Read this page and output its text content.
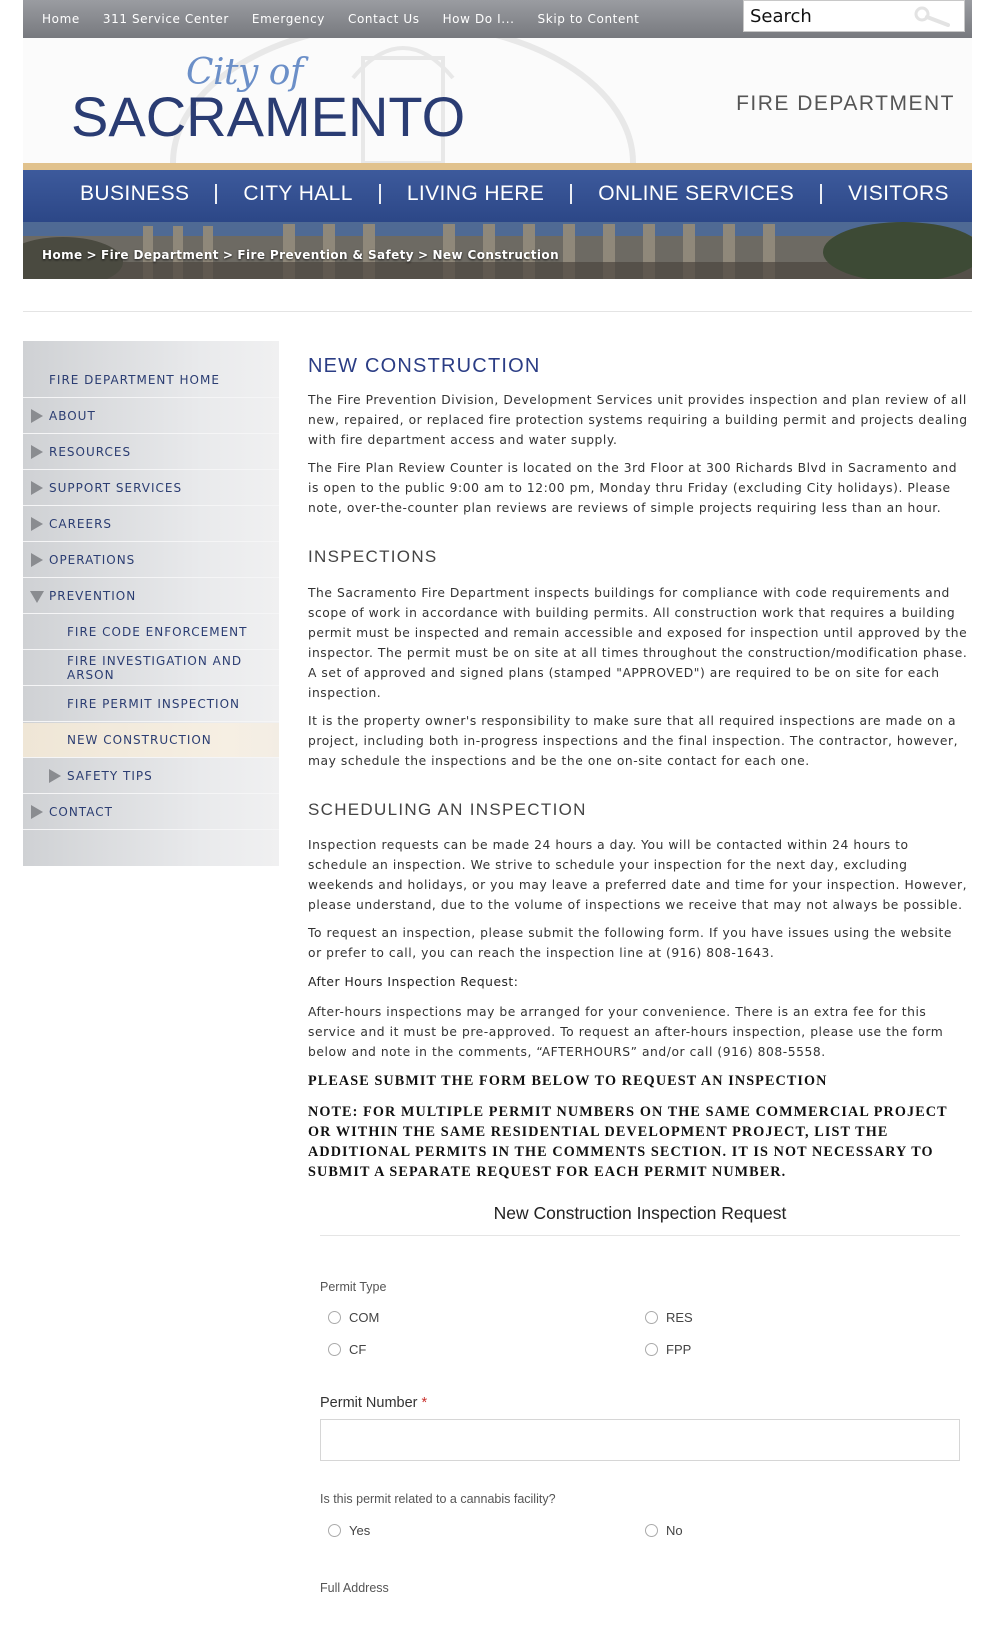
Home 311 Service Center Emergency Contact Us How Do I... Skip to Content
Search
City of
SACRAMENTO	FIRE DEPARTMENT
BUSINESS	CITY HALL	LIVING HERE	ONLINE SERVICES	VISITORS
Home > Fire Department > Fire Prevention & Safety > New Construction
FIRE DEPARTMENT HOME
ABOUT
RESOURCES
SUPPORT SERVICES
CAREERS
OPERATIONS
PREVENTION
FIRE CODE ENFORCEMENT
FIRE INVESTIGATION AND ARSON
FIRE PERMIT INSPECTION
NEW CONSTRUCTION
SAFETY TIPS
CONTACT
NEW CONSTRUCTION
The Fire Prevention Division, Development Services unit provides inspection and plan review of all new, repaired, or replaced fire protection systems requiring a building permit and projects dealing with fire department access and water supply.
The Fire Plan Review Counter is located on the 3rd Floor at 300 Richards Blvd in Sacramento and is open to the public 9:00 am to 12:00 pm, Monday thru Friday (excluding City holidays). Please note, over-the-counter plan reviews are reviews of simple projects requiring less than an hour.
INSPECTIONS
The Sacramento Fire Department inspects buildings for compliance with code requirements and scope of work in accordance with building permits. All construction work that requires a building permit must be inspected and remain accessible and exposed for inspection until approved by the inspector. The permit must be on site at all times throughout the construction/modification phase. A set of approved and signed plans (stamped "APPROVED") are required to be on site for each inspection.
It is the property owner's responsibility to make sure that all required inspections are made on a project, including both in-progress inspections and the final inspection. The contractor, however, may schedule the inspections and be the one on-site contact for each one.
SCHEDULING AN INSPECTION
Inspection requests can be made 24 hours a day. You will be contacted within 24 hours to schedule an inspection. We strive to schedule your inspection for the next day, excluding weekends and holidays, or you may leave a preferred date and time for your inspection. However, please understand, due to the volume of inspections we receive that may not always be possible.
To request an inspection, please submit the following form. If you have issues using the website or prefer to call, you can reach the inspection line at (916) 808-1643.
After Hours Inspection Request:
After-hours inspections may be arranged for your convenience. There is an extra fee for this service and it must be pre-approved. To request an after-hours inspection, please use the form below and note in the comments, “AFTERHOURS” and/or call (916) 808-5558.
PLEASE SUBMIT THE FORM BELOW TO REQUEST AN INSPECTION
NOTE: FOR MULTIPLE PERMIT NUMBERS ON THE SAME COMMERCIAL PROJECT OR WITHIN THE SAME RESIDENTIAL DEVELOPMENT PROJECT, LIST THE ADDITIONAL PERMITS IN THE COMMENTS SECTION. IT IS NOT NECESSARY TO SUBMIT A SEPARATE REQUEST FOR EACH PERMIT NUMBER.
New Construction Inspection Request
Permit Type
COM	RES
CF	FPP
Permit Number *
Is this permit related to a cannabis facility?
Yes	No
Full Address
